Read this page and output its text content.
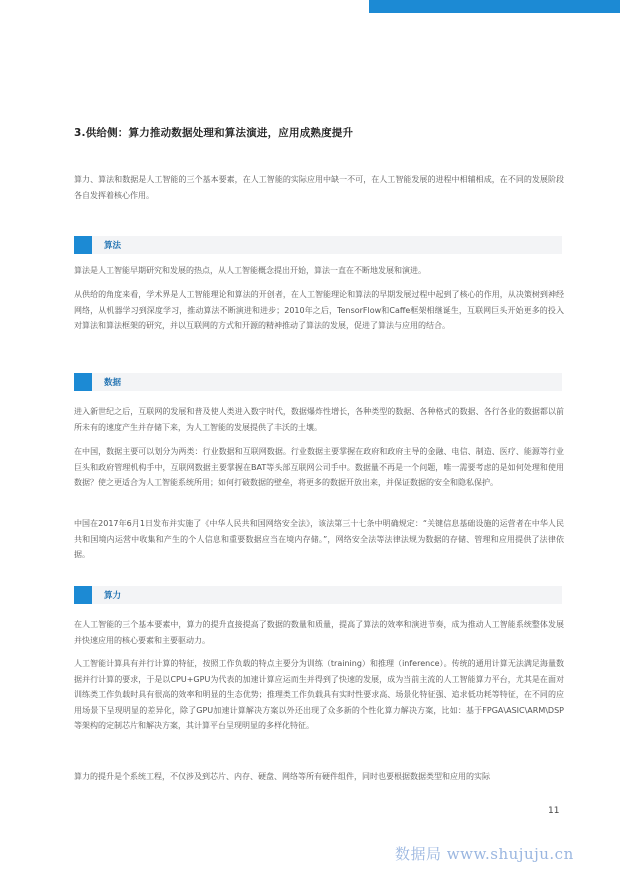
3.供给侧：算力推动数据处理和算法演进，应用成熟度提升

算力、算法和数据是人工智能的三个基本要素，在人工智能的实际应用中缺一不可，在人工智能发展的进程中相辅相成，在不同的发展阶段各自发挥着核心作用。

算法

算法是人工智能早期研究和发展的热点，从人工智能概念提出开始，算法一直在不断地发展和演进。

从供给的角度来看，学术界是人工智能理论和算法的开创者，在人工智能理论和算法的早期发展过程中起到了核心的作用，从决策树到神经网络，从机器学习到深度学习，推动算法不断演进和进步；2010年之后，TensorFlow和Caffe框架相继诞生，互联网巨头开始更多的投入对算法和算法框架的研究，并以互联网的方式和开源的精神推动了算法的发展，促进了算法与应用的结合。

数据

进入新世纪之后，互联网的发展和普及使人类进入数字时代，数据爆炸性增长，各种类型的数据、各种格式的数据、各行各业的数据都以前所未有的速度产生并存储下来，为人工智能的发展提供了丰沃的土壤。

在中国，数据主要可以划分为两类：行业数据和互联网数据。行业数据主要掌握在政府和政府主导的金融、电信、制造、医疗、能源等行业巨头和政府管理机构手中，互联网数据主要掌握在BAT等头部互联网公司手中。数据量不再是一个问题，唯一需要考虑的是如何处理和使用数据？使之更适合为人工智能系统所用；如何打破数据的壁垒，将更多的数据开放出来，并保证数据的安全和隐私保护。

中国在2017年6月1日发布并实施了《中华人民共和国网络安全法》，该法第三十七条中明确规定：“关键信息基础设施的运营者在中华人民共和国境内运营中收集和产生的个人信息和重要数据应当在境内存储。”，网络安全法等法律法规为数据的存储、管理和应用提供了法律依据。

算力

在人工智能的三个基本要素中，算力的提升直接提高了数据的数量和质量，提高了算法的效率和演进节奏，成为推动人工智能系统整体发展并快速应用的核心要素和主要驱动力。

人工智能计算具有并行计算的特征，按照工作负载的特点主要分为训练（training）和推理（inference）。传统的通用计算无法满足海量数据并行计算的要求，于是以CPU+GPU为代表的加速计算应运而生并得到了快速的发展，成为当前主流的人工智能算力平台，尤其是在面对训练类工作负载时具有很高的效率和明显的生态优势；推理类工作负载具有实时性要求高、场景化特征强、追求低功耗等特征，在不同的应用场景下呈现明显的差异化，除了GPU加速计算解决方案以外还出现了众多新的个性化算力解决方案，比如：基于FPGA\ASIC\ARM\DSP等架构的定制芯片和解决方案，其计算平台呈现明显的多样化特征。

算力的提升是个系统工程，不仅涉及到芯片、内存、硬盘、网络等所有硬件组件，同时也要根据数据类型和应用的实际

11
数据局 www.shujuju.cn
